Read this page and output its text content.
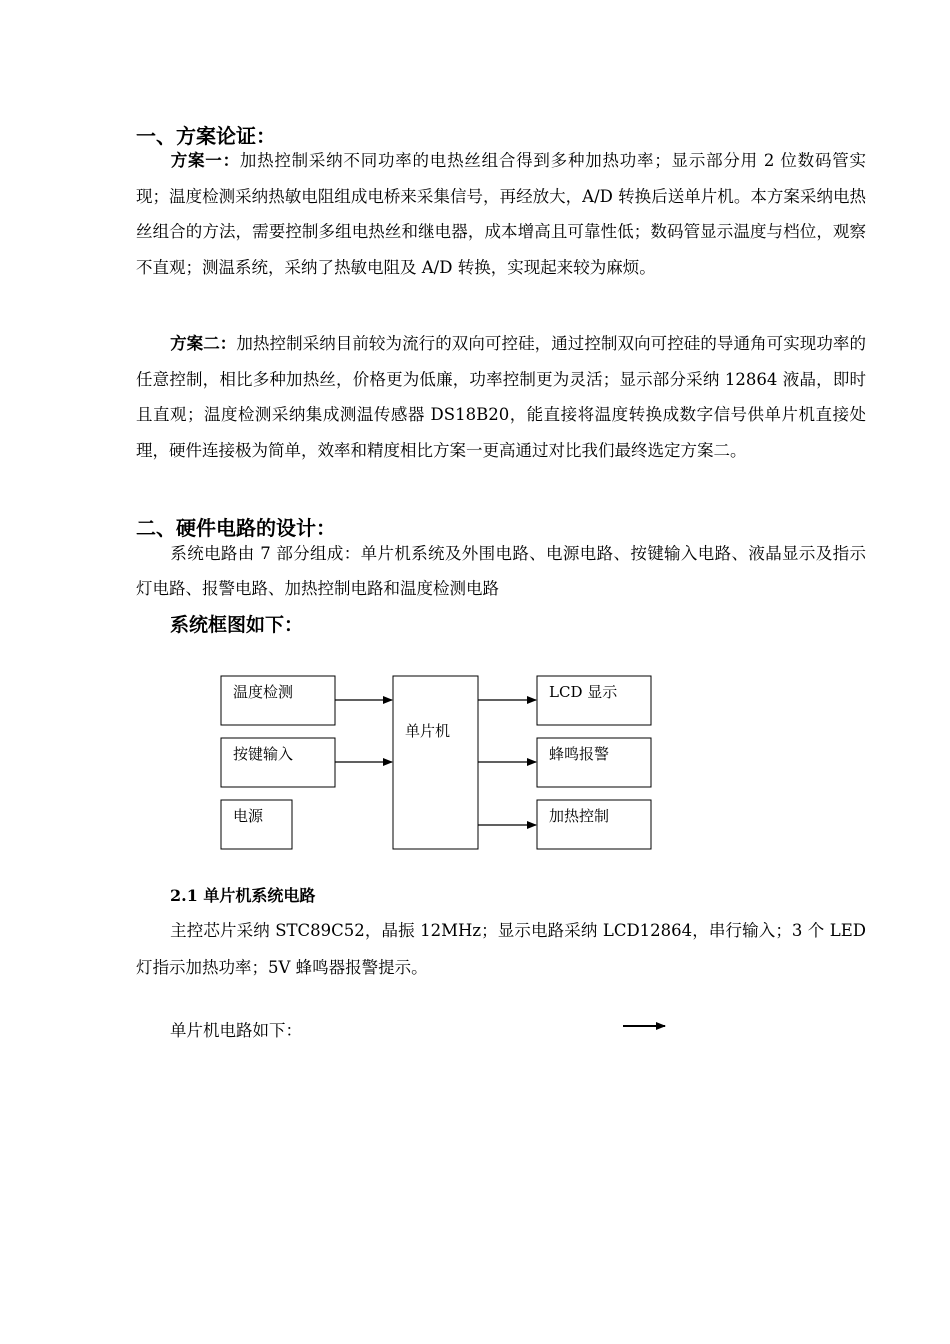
一、方案论证：

方案一：加热控制采纳不同功率的电热丝组合得到多种加热功率；显示部分用 2 位数码管实现；温度检测采纳热敏电阻组成电桥来采集信号，再经放大，A/D 转换后送单片机。本方案采纳电热丝组合的方法，需要控制多组电热丝和继电器，成本增高且可靠性低；数码管显示温度与档位，观察不直观；测温系统，采纳了热敏电阻及 A/D 转换，实现起来较为麻烦。

方案二：加热控制采纳目前较为流行的双向可控硅，通过控制双向可控硅的导通角可实现功率的任意控制，相比多种加热丝，价格更为低廉，功率控制更为灵活；显示部分采纳 12864 液晶，即时且直观；温度检测采纳集成测温传感器 DS18B20，能直接将温度转换成数字信号供单片机直接处理，硬件连接极为简单，效率和精度相比方案一更高通过对比我们最终选定方案二。

二、硬件电路的设计：

系统电路由 7 部分组成：单片机系统及外围电路、电源电路、按键输入电路、液晶显示及指示灯电路、报警电路、加热控制电路和温度检测电路

系统框图如下：
温度检测
按键输入
电源
单片机
LCD 显示
蜂鸣报警
加热控制
2.1 单片机系统电路

主控芯片采纳 STC89C52，晶振 12MHz；显示电路采纳 LCD12864，串行输入；3 个 LED 灯指示加热功率；5V 蜂鸣器报警提示。

单片机电路如下：
